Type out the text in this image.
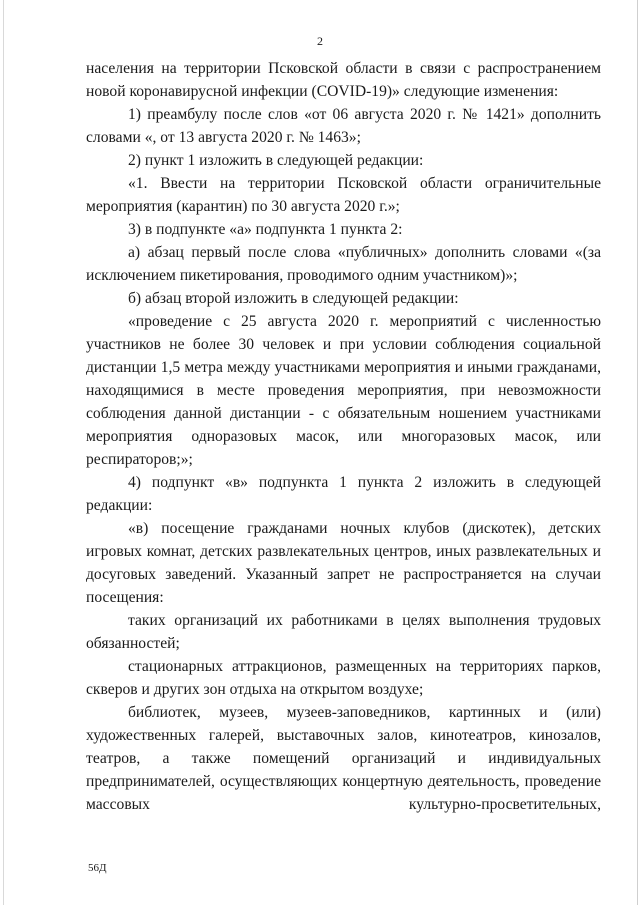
2

населения на территории Псковской области в связи с распространением новой коронавирусной инфекции (COVID-19)» следующие изменения:

1) преамбулу после слов «от 06 августа 2020 г. № 1421» дополнить словами «, от 13 августа 2020 г. № 1463»;

2) пункт 1 изложить в следующей редакции:

«1. Ввести на территории Псковской области ограничительные мероприятия (карантин) по 30 августа 2020 г.»;

3) в подпункте «а» подпункта 1 пункта 2:

а) абзац первый после слова «публичных» дополнить словами «(за исключением пикетирования, проводимого одним участником)»;

б) абзац второй изложить в следующей редакции:

«проведение с 25 августа 2020 г. мероприятий с численностью участников не более 30 человек и при условии соблюдения социальной дистанции 1,5 метра между участниками мероприятия и иными гражданами, находящимися в месте проведения мероприятия, при невозможности соблюдения данной дистанции - с обязательным ношением участниками мероприятия одноразовых масок, или многоразовых масок, или респираторов;»;

4) подпункт «в» подпункта 1 пункта 2 изложить в следующей редакции:

«в) посещение гражданами ночных клубов (дискотек), детских игровых комнат, детских развлекательных центров, иных развлекательных и досуговых заведений. Указанный запрет не распространяется на случаи посещения:

таких организаций их работниками в целях выполнения трудовых обязанностей;

стационарных аттракционов, размещенных на территориях парков, скверов и других зон отдыха на открытом воздухе;

библиотек, музеев, музеев-заповедников, картинных и (или) художественных галерей, выставочных залов, кинотеатров, кинозалов, театров, а также помещений организаций и индивидуальных предпринимателей, осуществляющих концертную деятельность, проведение массовых культурно-просветительных,

56Д
